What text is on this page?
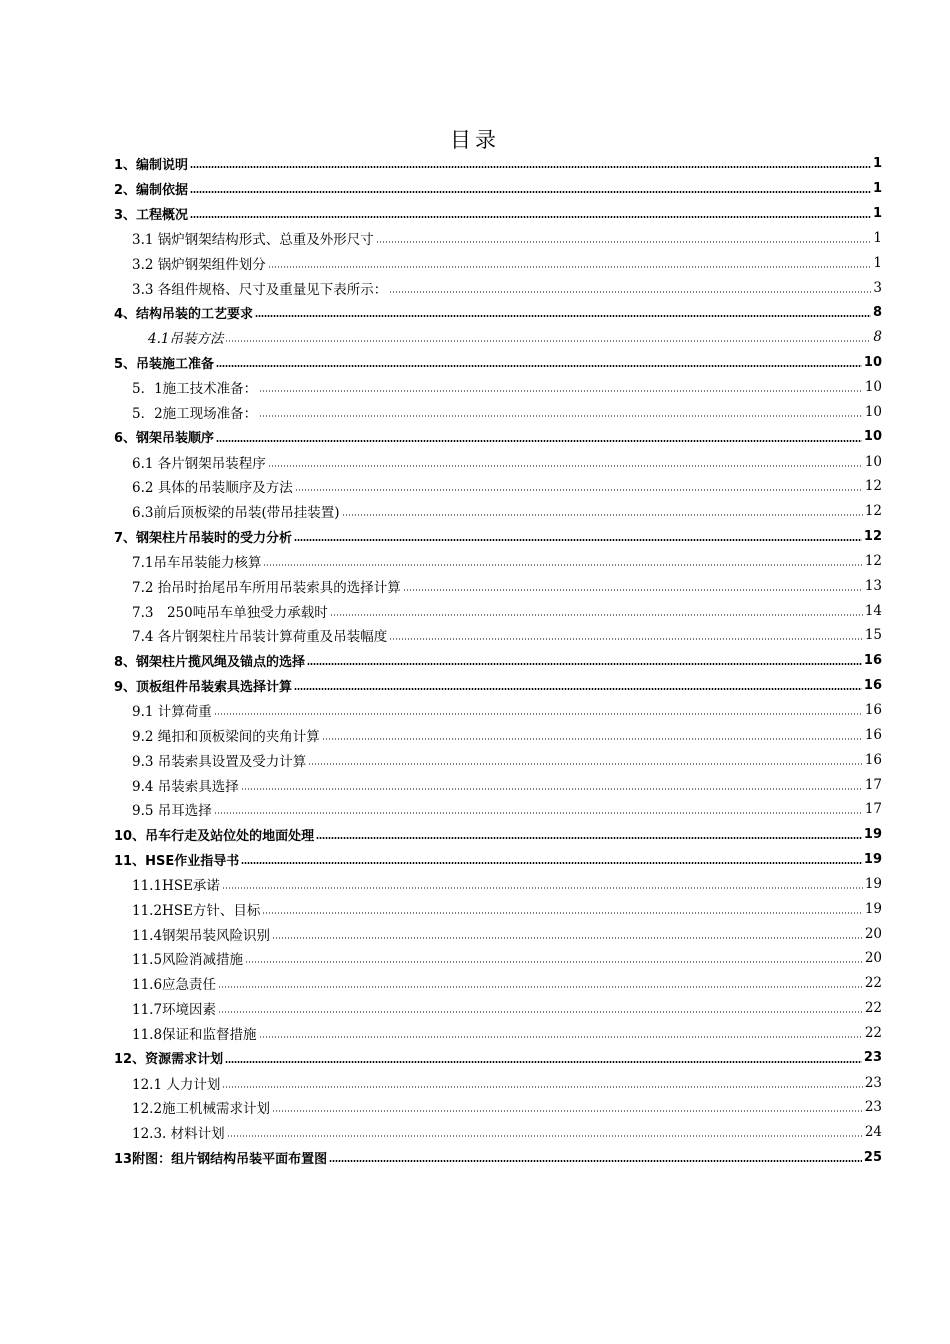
目录
1、编制说明	1
2、编制依据	1
3、工程概况	1
3.1 锅炉钢架结构形式、总重及外形尺寸	1
3.2 锅炉钢架组件划分	1
3.3 各组件规格、尺寸及重量见下表所示：	3
4、结构吊装的工艺要求	8
4.1吊装方法	8
5、吊装施工准备	10
5．1施工技术准备：	10
5．2施工现场准备：	10
6、钢架吊装顺序	10
6.1 各片钢架吊装程序	10
6.2 具体的吊装顺序及方法	12
6.3前后顶板梁的吊装(带吊挂装置)	12
7、钢架柱片吊装时的受力分析	12
7.1吊车吊装能力核算	12
7.2 抬吊时抬尾吊车所用吊装索具的选择计算	13
7.3　250吨吊车单独受力承载时	14
7.4 各片钢架柱片吊装计算荷重及吊装幅度	15
8、钢架柱片揽风绳及锚点的选择	16
9、顶板组件吊装索具选择计算	16
9.1 计算荷重	16
9.2 绳扣和顶板梁间的夹角计算	16
9.3 吊装索具设置及受力计算	16
9.4 吊装索具选择	17
9.5 吊耳选择	17
10、吊车行走及站位处的地面处理	19
11、HSE作业指导书	19
11.1HSE承诺	19
11.2HSE方针、目标	19
11.4钢架吊装风险识别	20
11.5风险消减措施	20
11.6应急责任	22
11.7环境因素	22
11.8保证和监督措施	22
12、资源需求计划	23
12.1 人力计划	23
12.2施工机械需求计划	23
12.3. 材料计划	24
13附图：组片钢结构吊装平面布置图	25
